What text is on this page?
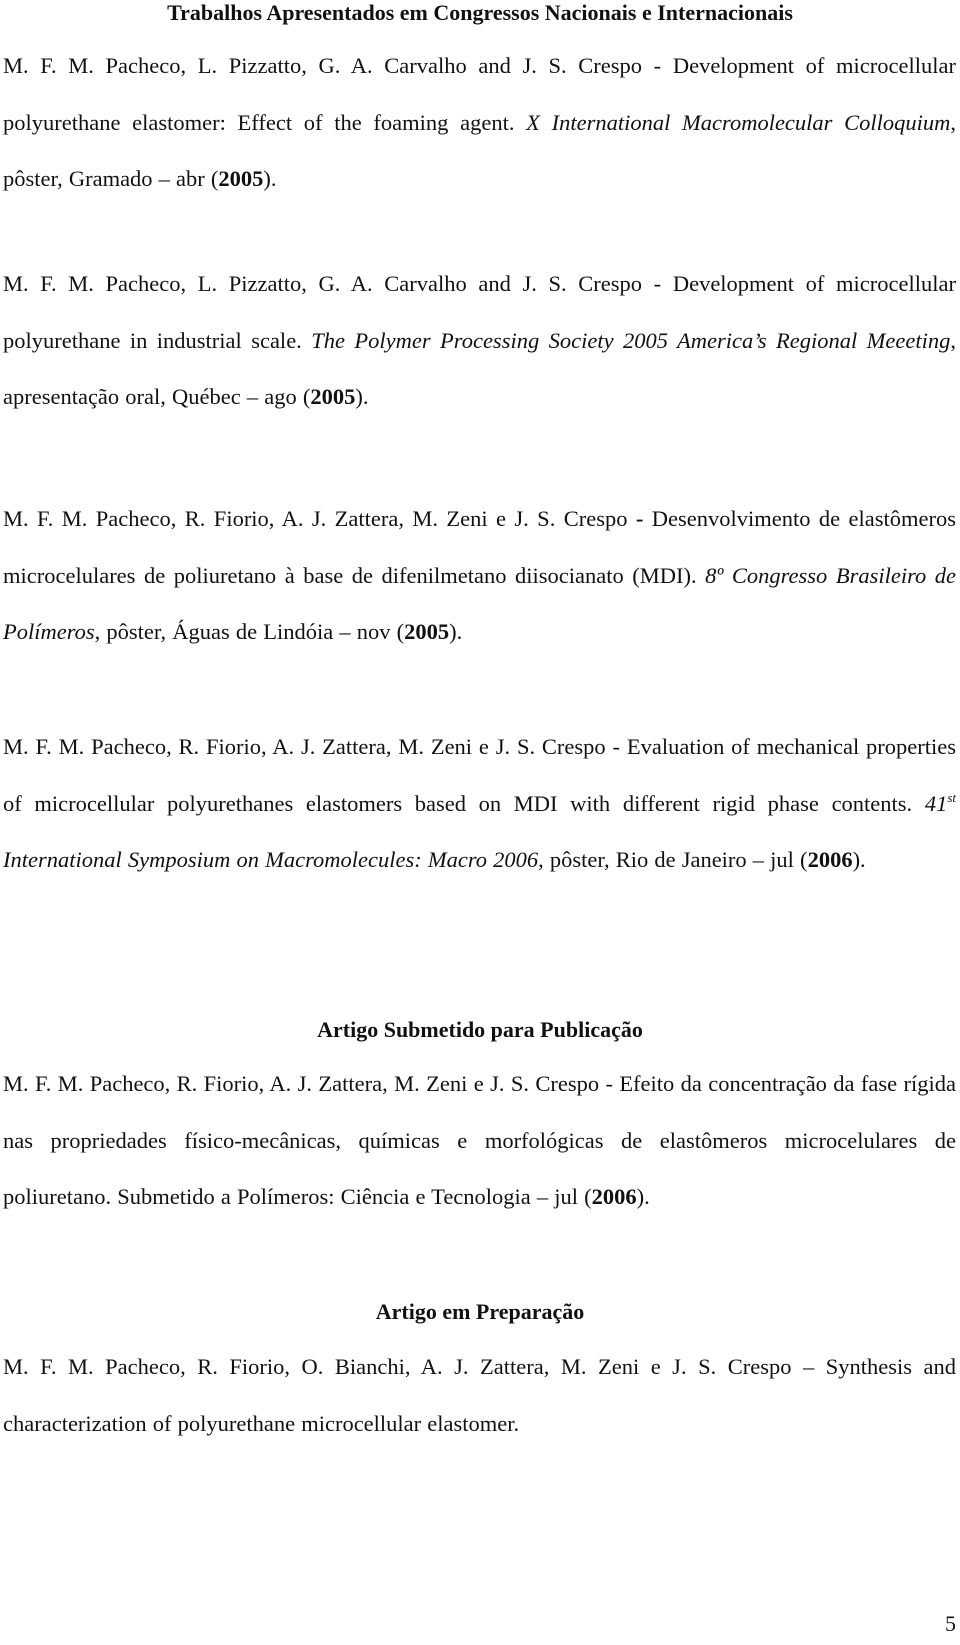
Trabalhos Apresentados em Congressos Nacionais e Internacionais
M. F. M. Pacheco, L. Pizzatto, G. A. Carvalho and J. S. Crespo - Development of microcellular polyurethane elastomer: Effect of the foaming agent. X International Macromolecular Colloquium, pôster, Gramado – abr (2005).
M. F. M. Pacheco, L. Pizzatto, G. A. Carvalho and J. S. Crespo - Development of microcellular polyurethane in industrial scale. The Polymer Processing Society 2005 America’s Regional Meeeting, apresentação oral, Québec – ago (2005).
M. F. M. Pacheco, R. Fiorio, A. J. Zattera, M. Zeni e J. S. Crespo - Desenvolvimento de elastômeros microcelulares de poliuretano à base de difenilmetano diisocianato (MDI). 8º Congresso Brasileiro de Polímeros, pôster, Águas de Lindóia – nov (2005).
M. F. M. Pacheco, R. Fiorio, A. J. Zattera, M. Zeni e J. S. Crespo - Evaluation of mechanical properties of microcellular polyurethanes elastomers based on MDI with different rigid phase contents. 41st International Symposium on Macromolecules: Macro 2006, pôster, Rio de Janeiro – jul (2006).
Artigo Submetido para Publicação
M. F. M. Pacheco, R. Fiorio, A. J. Zattera, M. Zeni e J. S. Crespo - Efeito da concentração da fase rígida nas propriedades físico-mecânicas, químicas e morfológicas de elastômeros microcelulares de poliuretano. Submetido a Polímeros: Ciência e Tecnologia – jul (2006).
Artigo em Preparação
M. F. M. Pacheco, R. Fiorio, O. Bianchi, A. J. Zattera, M. Zeni e J. S. Crespo – Synthesis and characterization of polyurethane microcellular elastomer.
5
